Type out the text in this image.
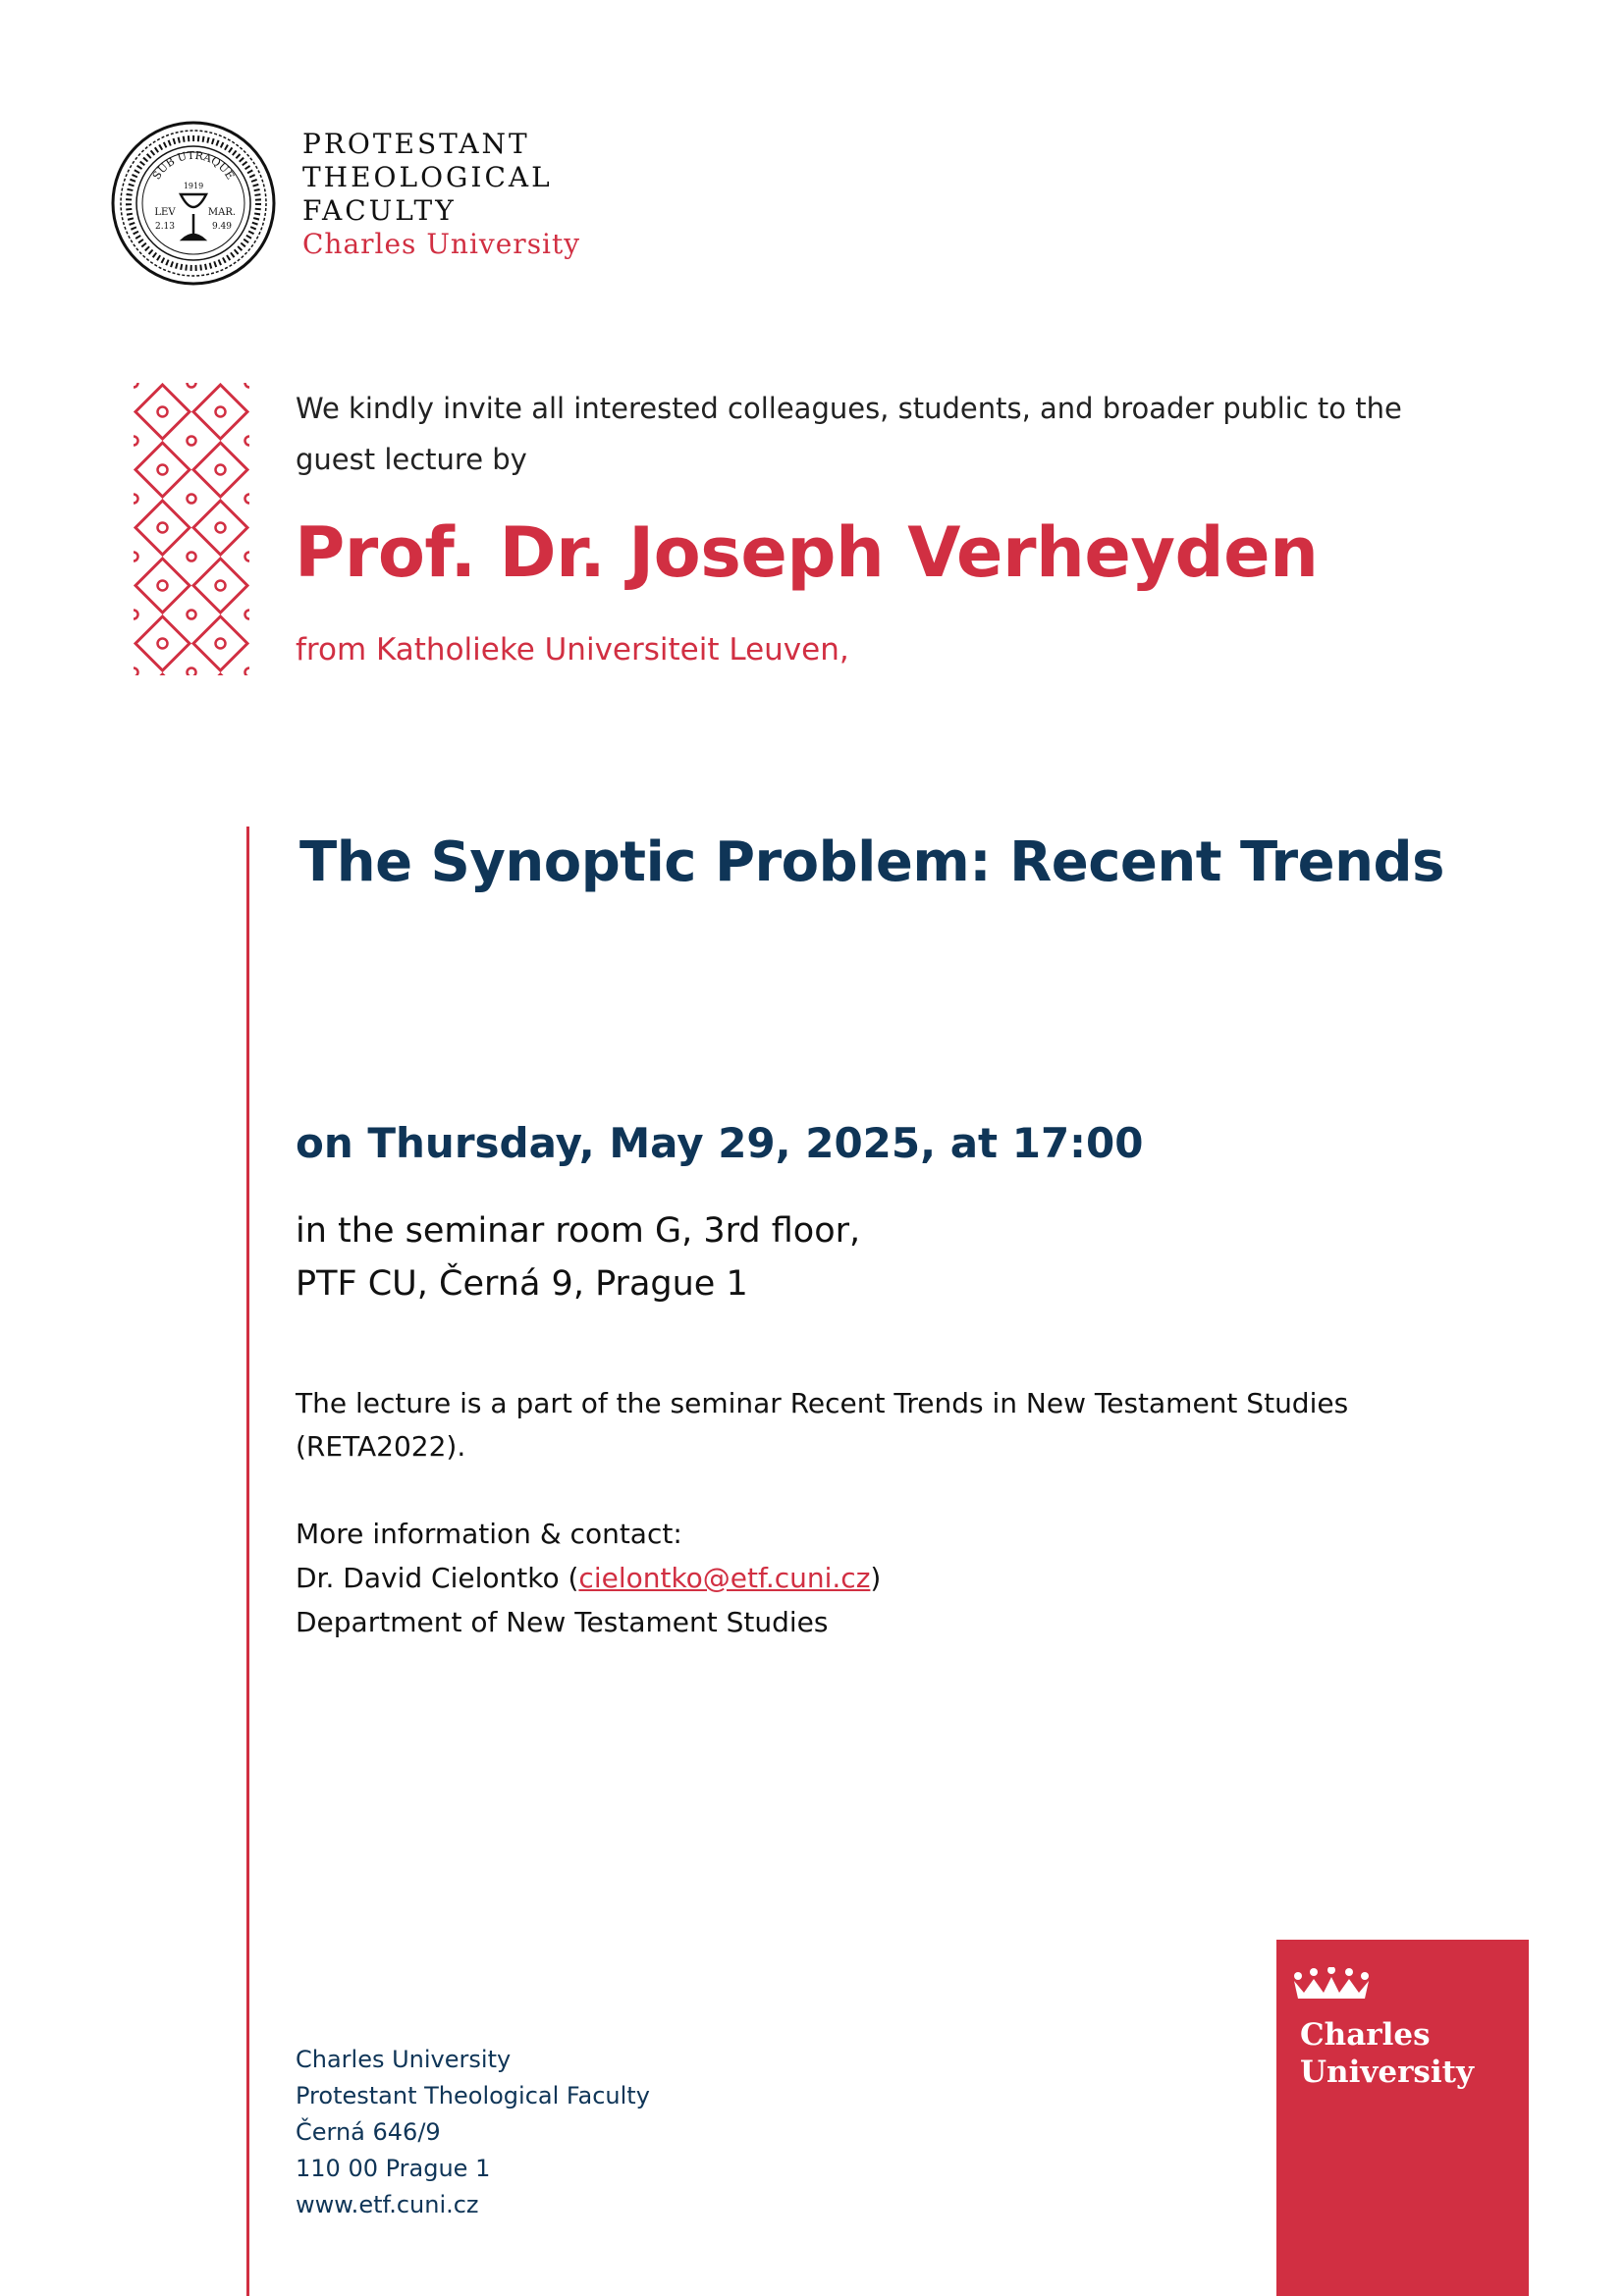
SUB UTRAQUE
1919
LEV
2.13
MAR.
9.49
PROTESTANT
THEOLOGICAL
FACULTY
Charles University
We kindly invite all interested colleagues, students, and broader public to the guest lecture by
Prof. Dr. Joseph Verheyden
from Katholieke Universiteit Leuven,
The Synoptic Problem: Recent Trends
on Thursday, May 29, 2025, at 17:00
in the seminar room G, 3rd floor,
PTF CU, Černá 9, Prague 1
The lecture is a part of the seminar Recent Trends in New Testament Studies (RETA2022).
More information & contact:
Dr. David Cielontko (cielontko@etf.cuni.cz)
Department of New Testament Studies
Charles University
Protestant Theological Faculty
Černá 646/9
110 00 Prague 1
www.etf.cuni.cz
Charles
University
